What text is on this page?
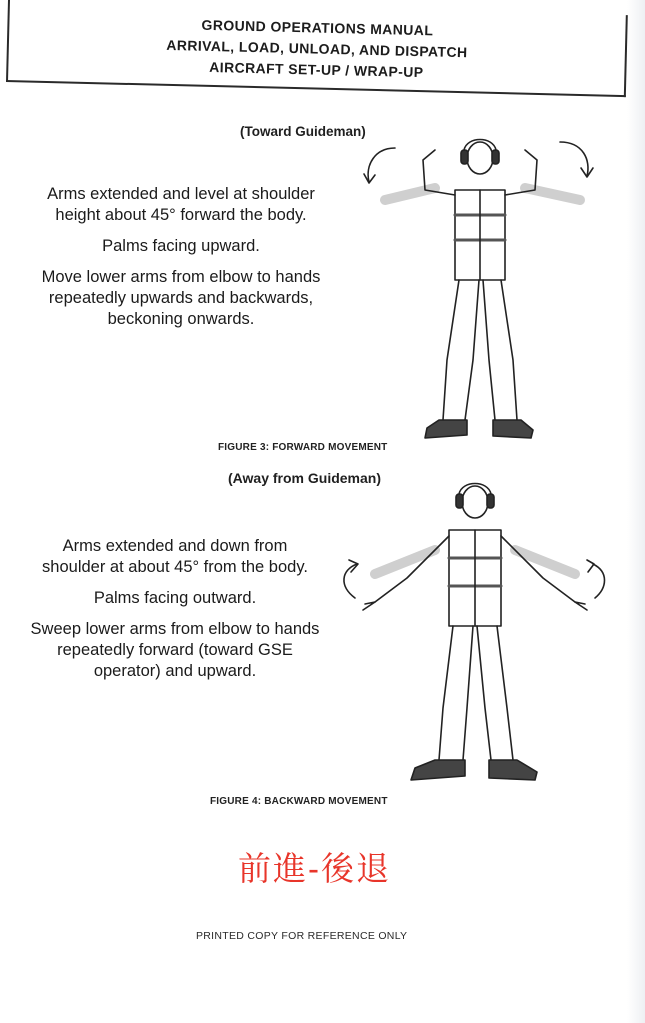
GROUND OPERATIONS MANUAL
ARRIVAL, LOAD, UNLOAD, AND DISPATCH
AIRCRAFT SET-UP / WRAP-UP
(Toward Guideman)

Arms extended and level at shoulder height about 45° forward the body.

Palms facing upward.

Move lower arms from elbow to hands repeatedly upwards and backwards, beckoning onwards.

FIGURE 3: FORWARD MOVEMENT
(Away from Guideman)

Arms extended and down from shoulder at about 45° from the body.

Palms facing outward.

Sweep lower arms from elbow to hands repeatedly forward (toward GSE operator) and upward.

FIGURE 4: BACKWARD MOVEMENT
前進-後退
PRINTED COPY FOR REFERENCE ONLY
